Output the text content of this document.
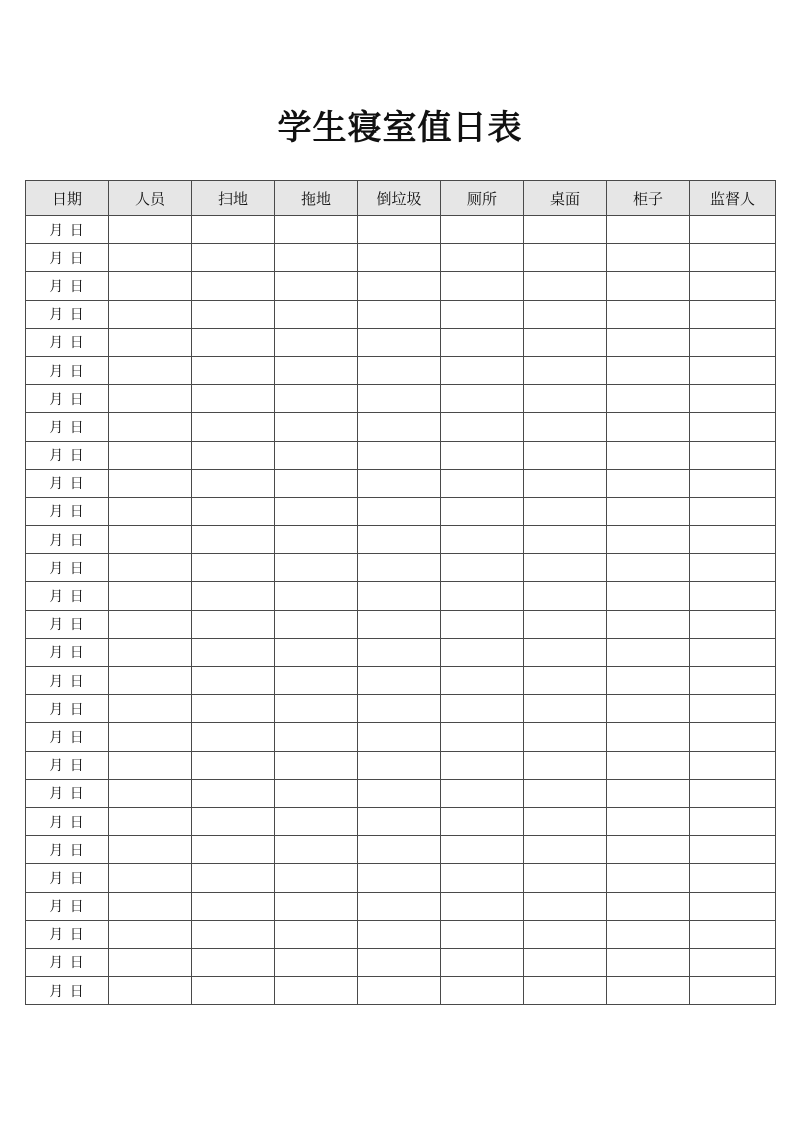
学生寝室值日表
日期	人员	扫地	拖地	倒垃圾	厕所	桌面	柜子	监督人
月 日								
月 日								
月 日								
月 日								
月 日								
月 日								
月 日								
月 日								
月 日								
月 日								
月 日								
月 日								
月 日								
月 日								
月 日								
月 日								
月 日								
月 日								
月 日								
月 日								
月 日								
月 日								
月 日								
月 日								
月 日								
月 日								
月 日								
月 日								
